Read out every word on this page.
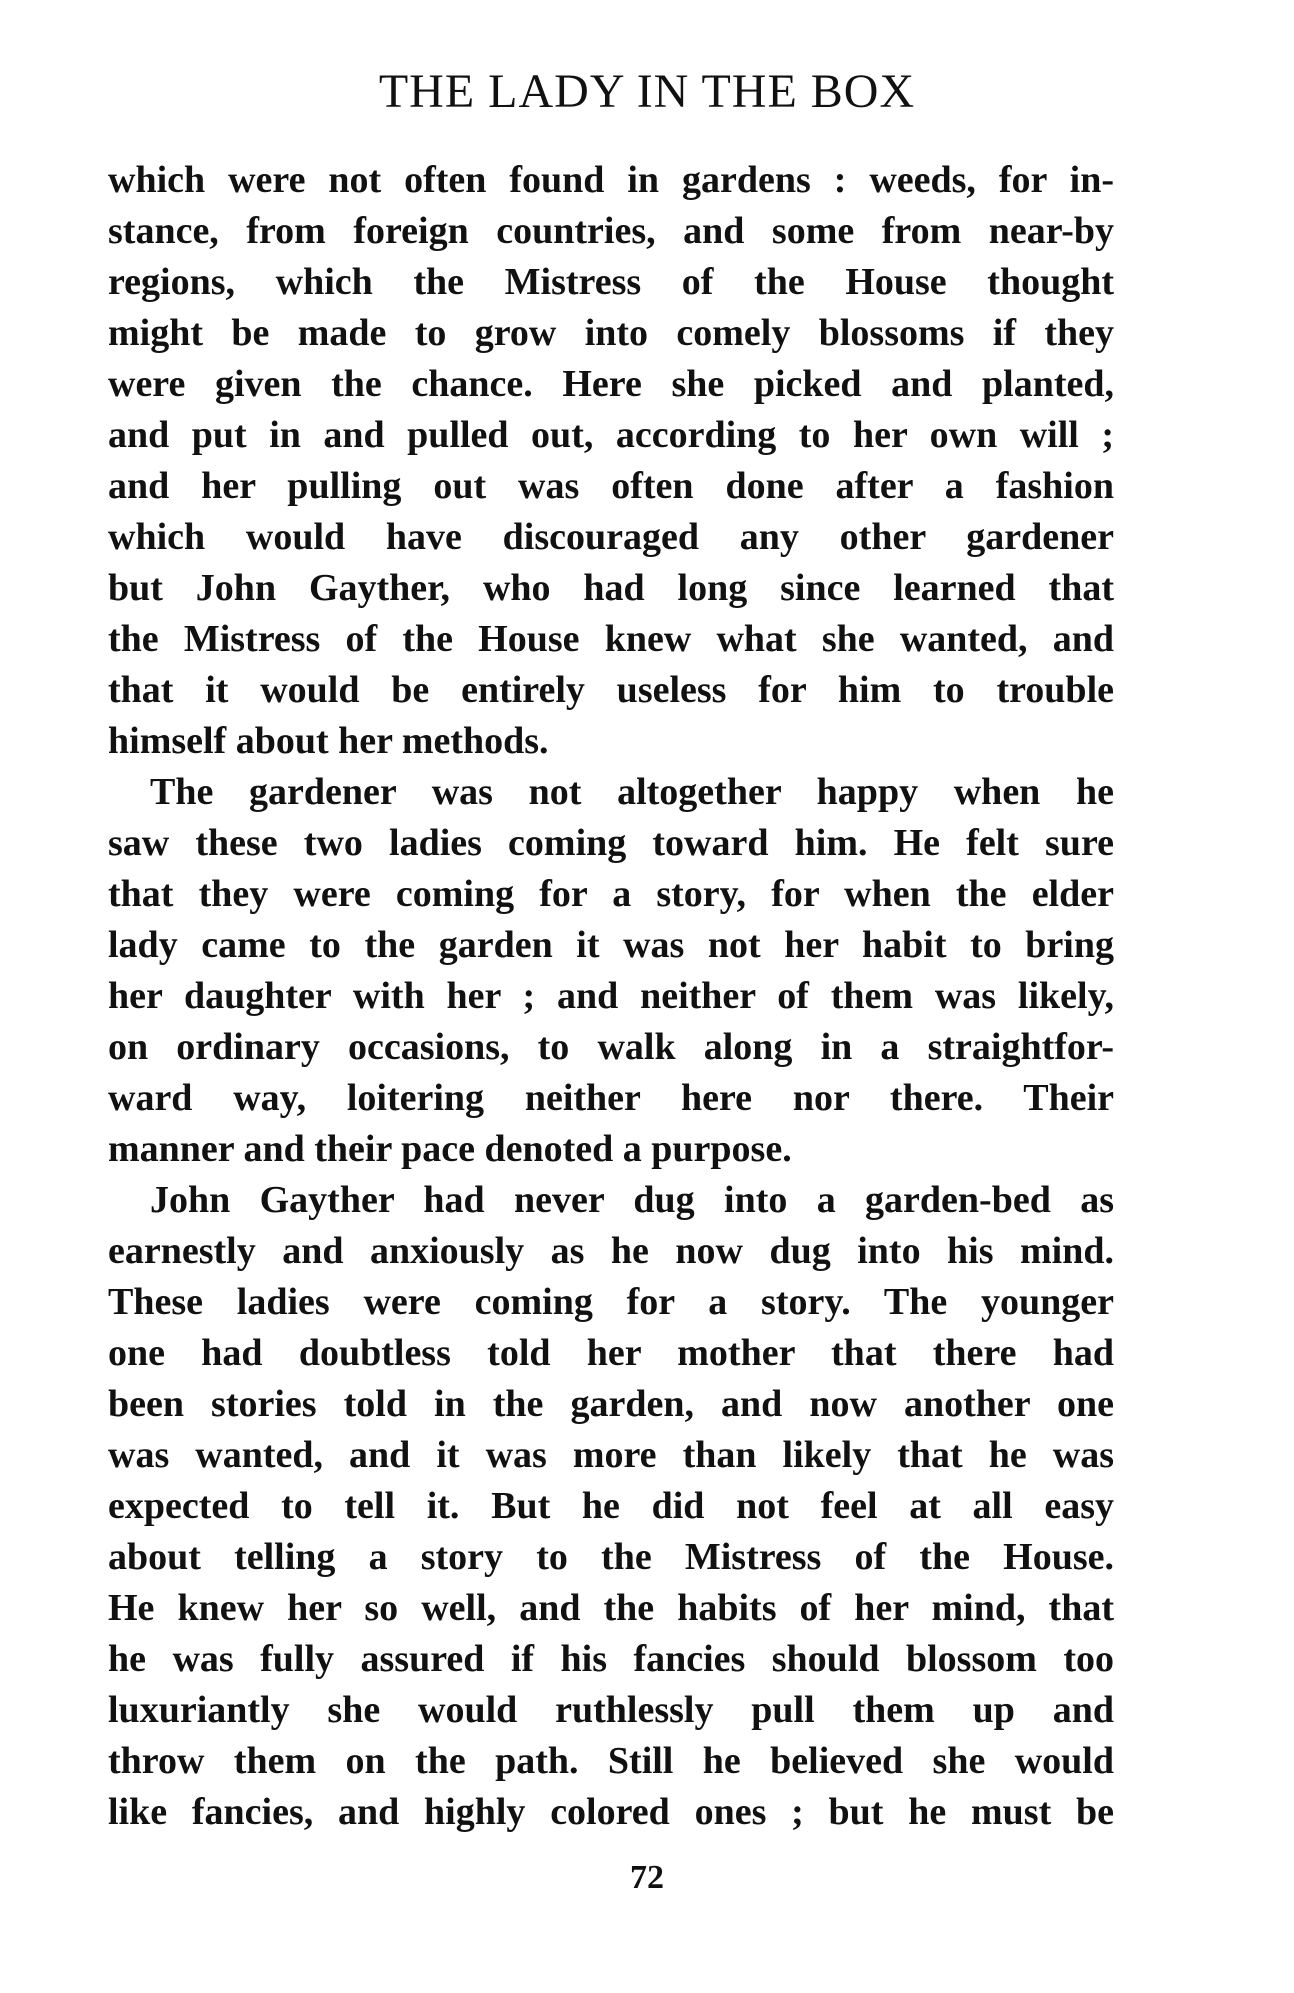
THE LADY IN THE BOX
which were not often found in gardens : weeds, for in-
stance, from foreign countries, and some from near-by
regions, which the Mistress of the House thought
might be made to grow into comely blossoms if they
were given the chance. Here she picked and planted,
and put in and pulled out, according to her own will ;
and her pulling out was often done after a fashion
which would have discouraged any other gardener
but John Gayther, who had long since learned that
the Mistress of the House knew what she wanted, and
that it would be entirely useless for him to trouble
himself about her methods.
The gardener was not altogether happy when he
saw these two ladies coming toward him. He felt sure
that they were coming for a story, for when the elder
lady came to the garden it was not her habit to bring
her daughter with her ; and neither of them was likely,
on ordinary occasions, to walk along in a straightfor-
ward way, loitering neither here nor there. Their
manner and their pace denoted a purpose.
John Gayther had never dug into a garden-bed as
earnestly and anxiously as he now dug into his mind.
These ladies were coming for a story. The younger
one had doubtless told her mother that there had
been stories told in the garden, and now another one
was wanted, and it was more than likely that he was
expected to tell it. But he did not feel at all easy
about telling a story to the Mistress of the House.
He knew her so well, and the habits of her mind, that
he was fully assured if his fancies should blossom too
luxuriantly she would ruthlessly pull them up and
throw them on the path. Still he believed she would
like fancies, and highly colored ones ; but he must be
72
